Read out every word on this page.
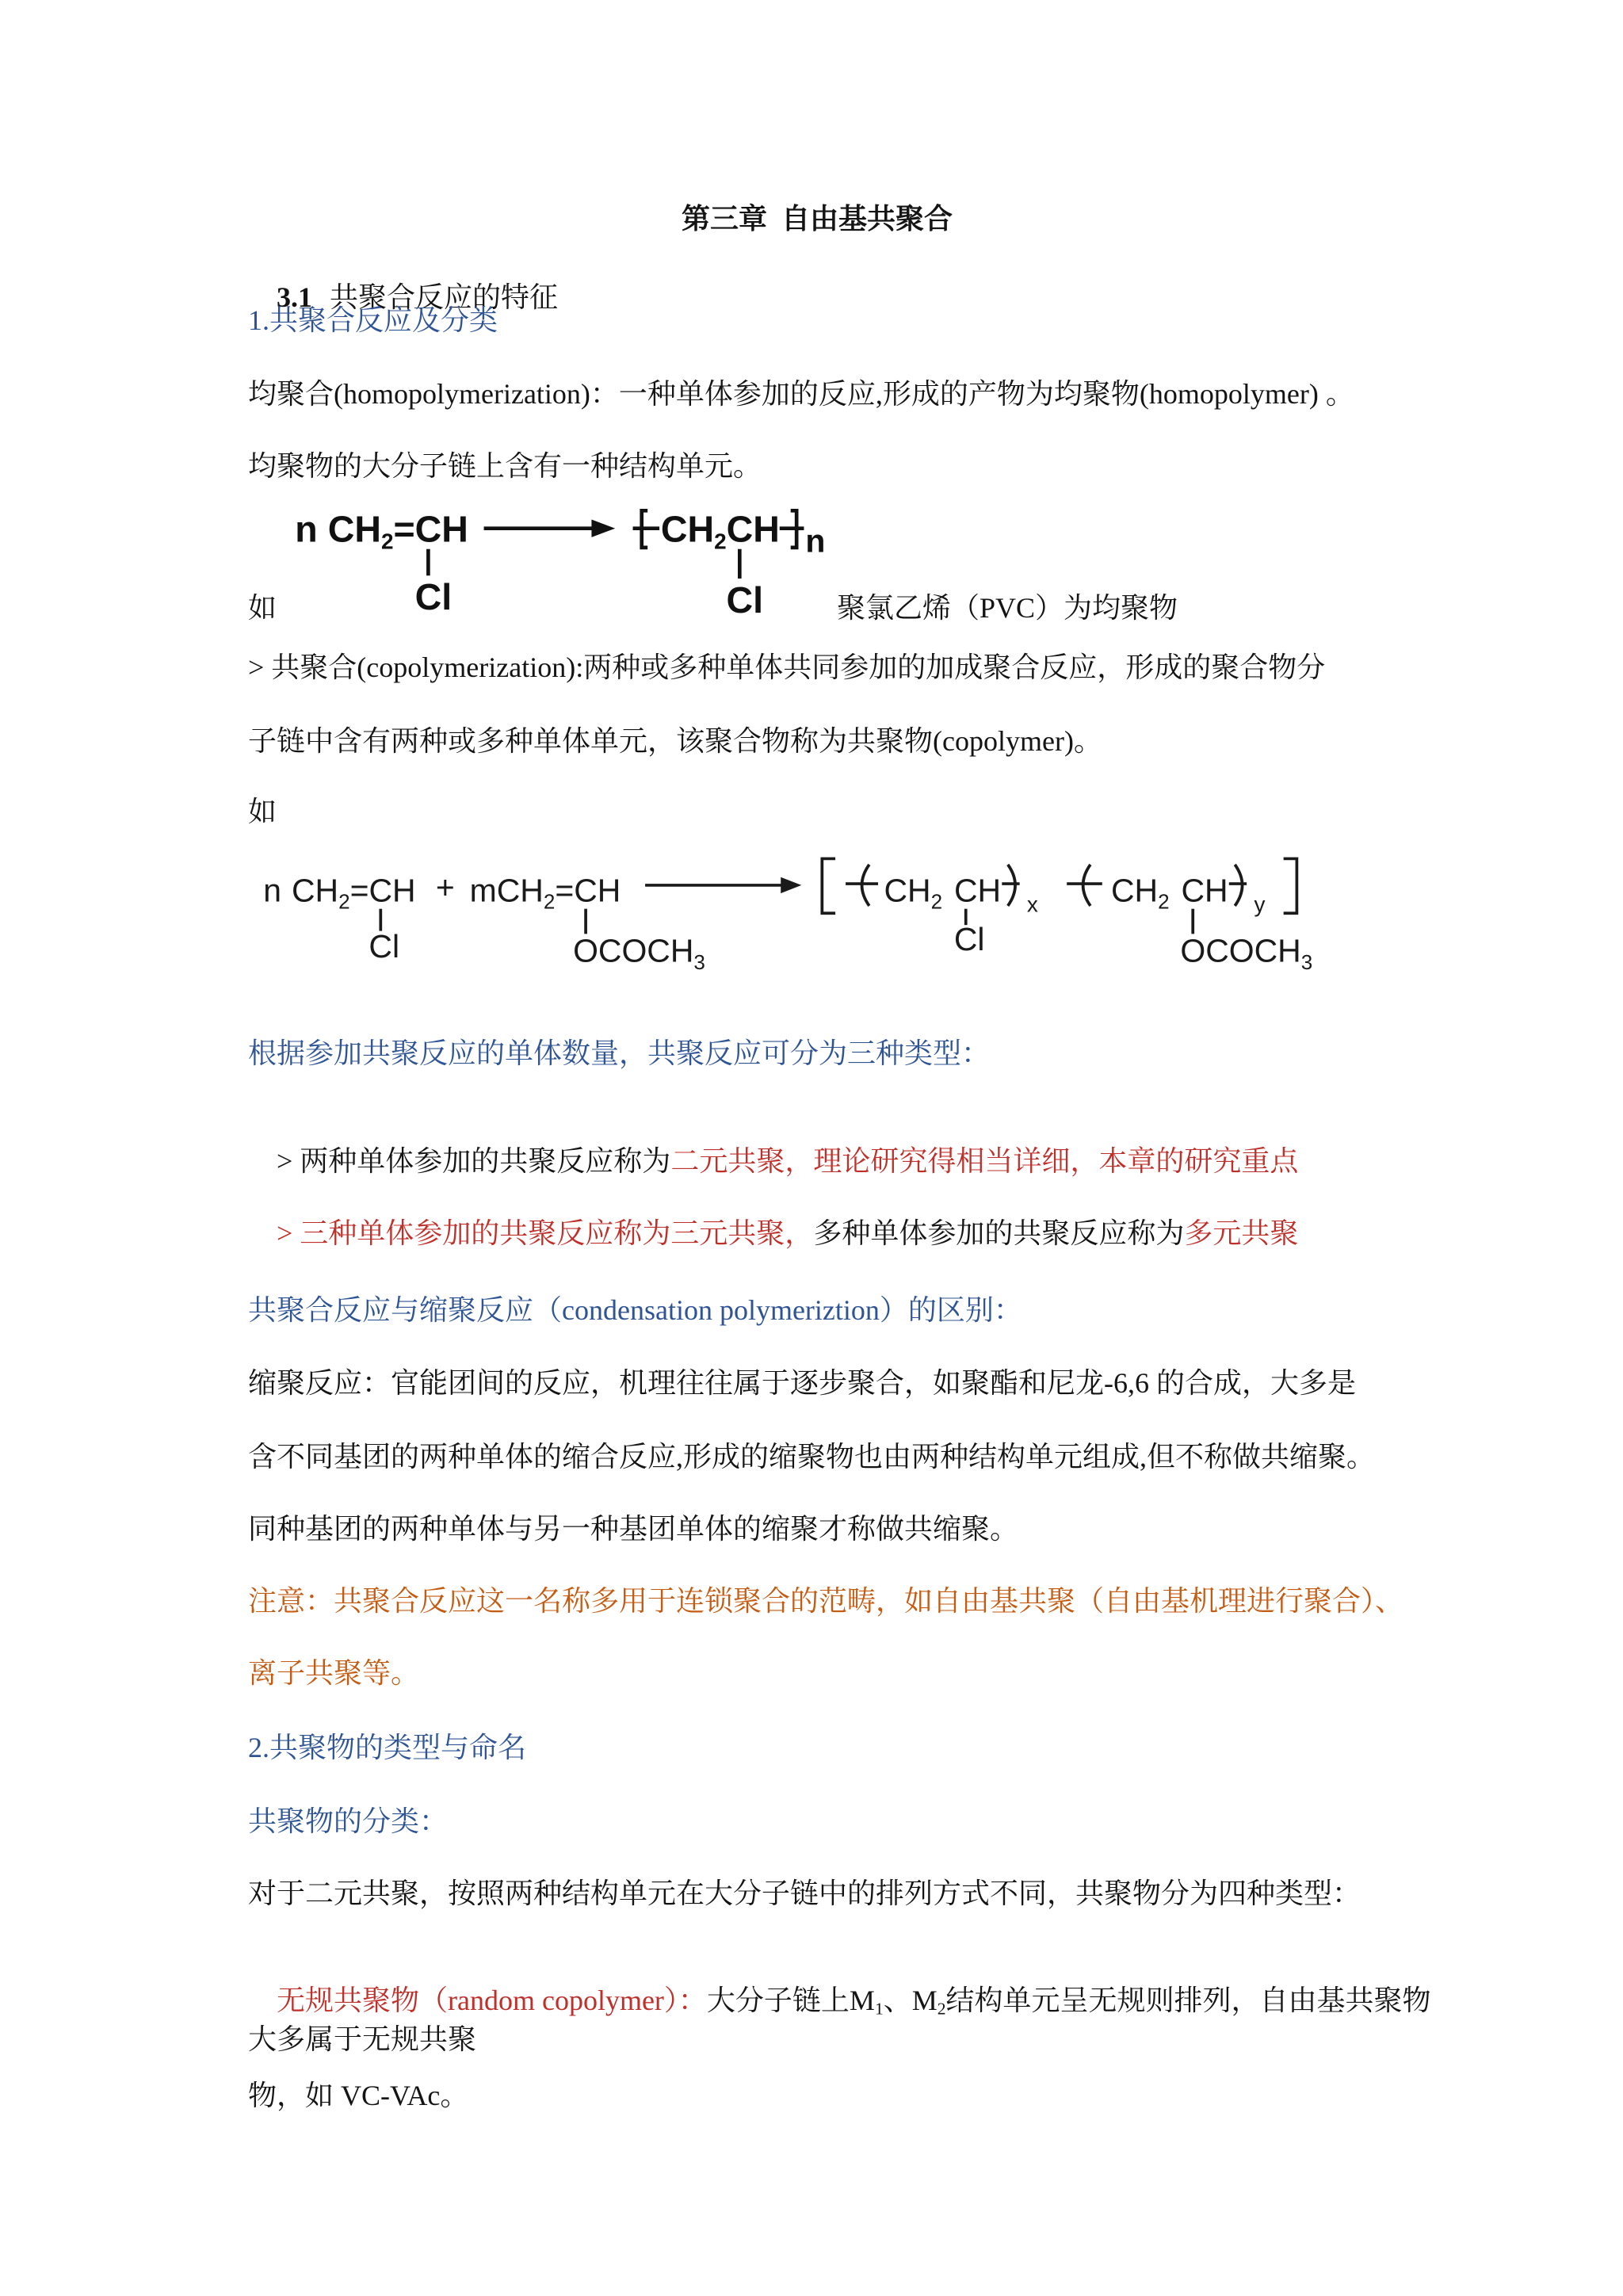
第三章  自由基共聚合

3.1 共聚合反应的特征

1.共聚合反应及分类
均聚合(homopolymerization)：一种单体参加的反应,形成的产物为均聚物(homopolymer) 。
均聚物的大分子链上含有一种结构单元。
n $CH_2=CH$
Cl
$CH_2CH$ n
Cl
如	聚氯乙烯（PVC）为均聚物
> 共聚合(copolymerization):两种或多种单体共同参加的加成聚合反应，形成的聚合物分
子链中含有两种或多种单体单元，该聚合物称为共聚物(copolymer)。
如
n $CH_2=CH$
Cl
+ mCH$_2$=CH
$OCOCH_3$
$CH_2$ CH x
Cl
$CH_2$ CH y
$OCOCH_3$
根据参加共聚反应的单体数量，共聚反应可分为三种类型：

> 两种单体参加的共聚反应称为二元共聚，理论研究得相当详细，本章的研究重点

> 三种单体参加的共聚反应称为三元共聚，多种单体参加的共聚反应称为多元共聚

共聚合反应与缩聚反应（condensation polymeriztion）的区别：
缩聚反应：官能团间的反应，机理往往属于逐步聚合，如聚酯和尼龙-6,6 的合成，大多是
含不同基团的两种单体的缩合反应,形成的缩聚物也由两种结构单元组成,但不称做共缩聚。
同种基团的两种单体与另一种基团单体的缩聚才称做共缩聚。
注意：共聚合反应这一名称多用于连锁聚合的范畴，如自由基共聚（自由基机理进行聚合）、
离子共聚等。
2.共聚物的类型与命名
共聚物的分类：
对于二元共聚，按照两种结构单元在大分子链中的排列方式不同，共聚物分为四种类型：

无规共聚物（random copolymer）：大分子链上$M_1$、$M_2$结构单元呈无规则排列，自由基共聚物

大多属于无规共聚
物，如 VC-VAc。
